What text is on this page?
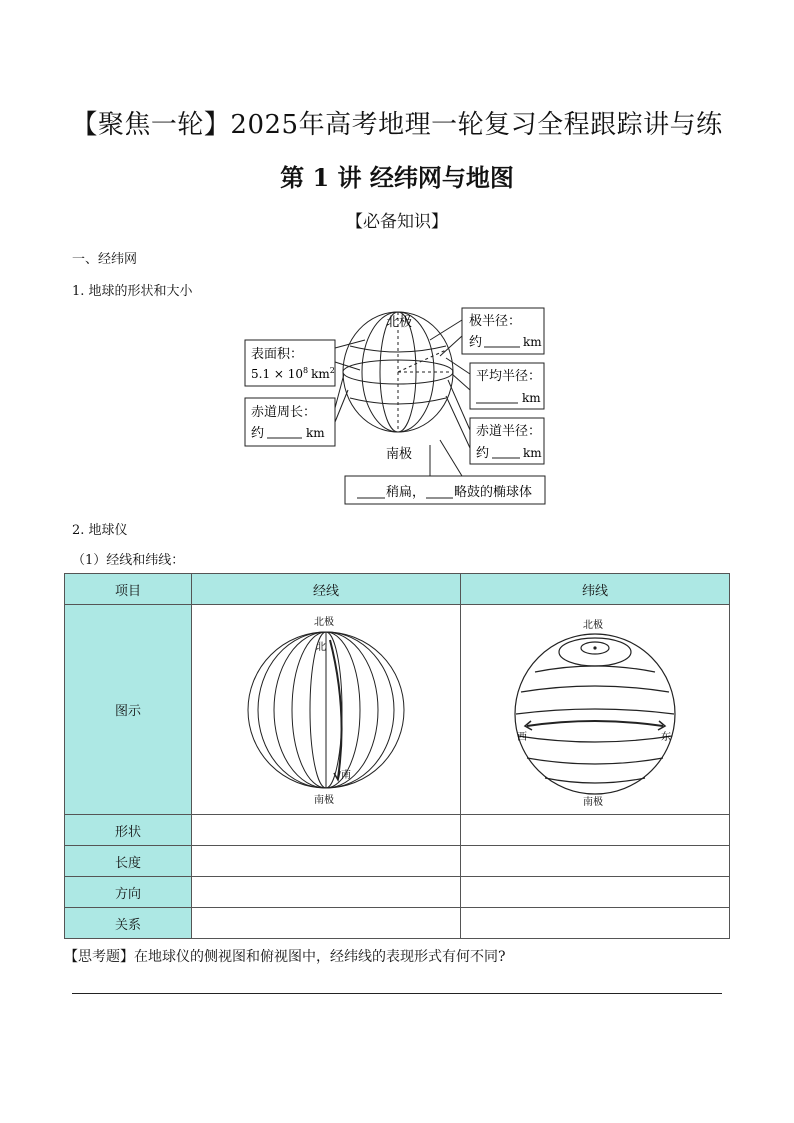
【聚焦一轮】2025年高考地理一轮复习全程跟踪讲与练
第 1 讲 经纬网与地图
【必备知识】
一、经纬网
1. 地球的形状和大小
北极
南极
表面积：
$5.1 \times 10^8$ $km^2$
赤道周长：
约	km
极半径：
约	km
平均半径：
km
赤道半径：
约	km
稍扁， 略鼓的椭球体
2. 地球仪
（1）经线和纬线：
项目	经线	纬线
图示	北极
南极
北
南	北极
南极
西 东

形状		
长度		
方向		
关系		
【思考题】在地球仪的侧视图和俯视图中，经纬线的表现形式有何不同?
